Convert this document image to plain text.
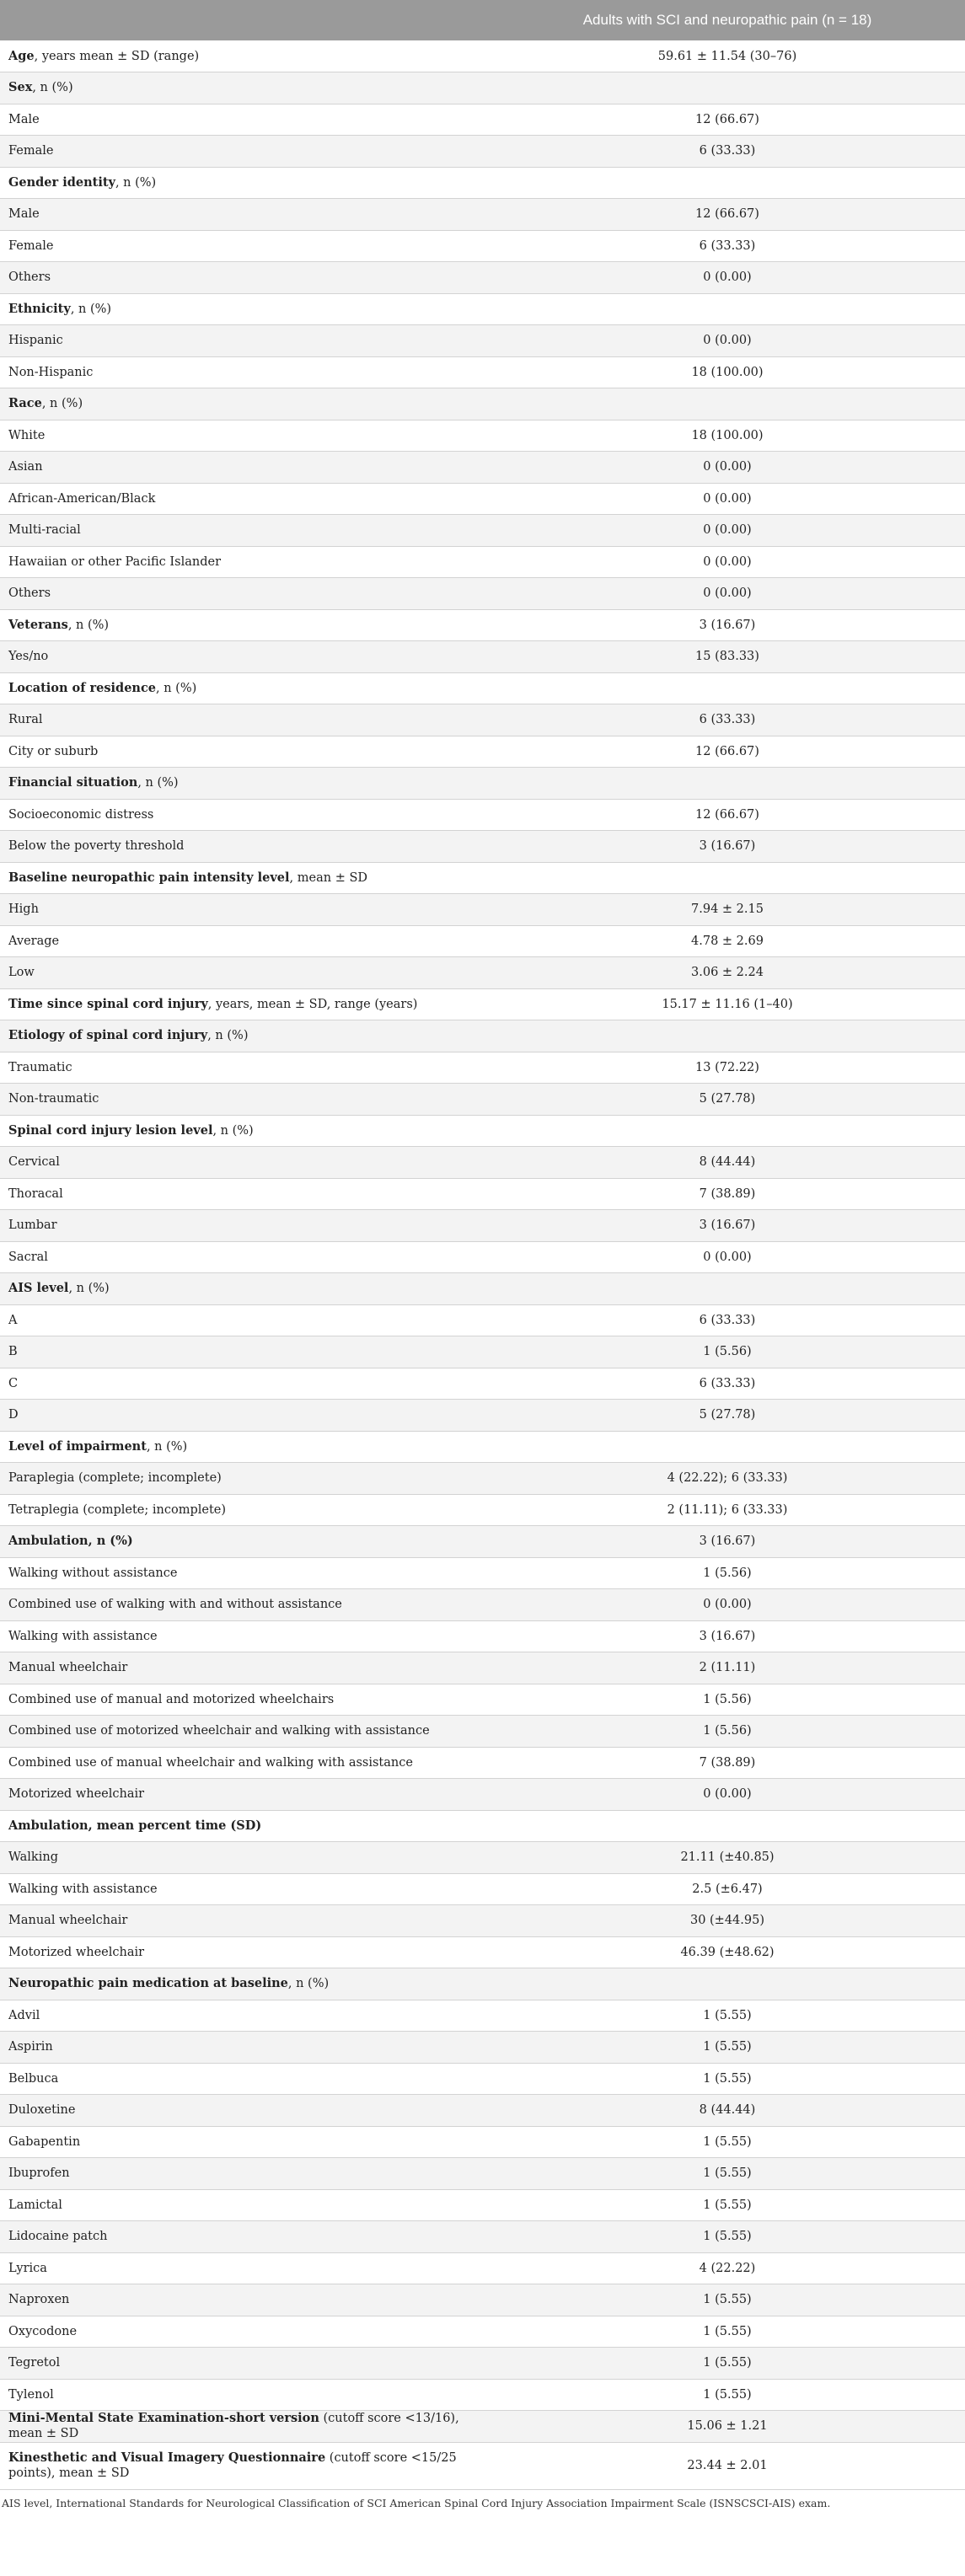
	Adults with SCI and neuropathic pain (n = 18)
Age, years mean ± SD (range)	59.61 ± 11.54 (30–76)
Sex, n (%)	
Male	12 (66.67)
Female	6 (33.33)
Gender identity, n (%)	
Male	12 (66.67)
Female	6 (33.33)
Others	0 (0.00)
Ethnicity, n (%)	
Hispanic	0 (0.00)
Non-Hispanic	18 (100.00)
Race, n (%)	
White	18 (100.00)
Asian	0 (0.00)
African-American/Black	0 (0.00)
Multi-racial	0 (0.00)
Hawaiian or other Pacific Islander	0 (0.00)
Others	0 (0.00)
Veterans, n (%)	3 (16.67)
Yes/no	15 (83.33)
Location of residence, n (%)	
Rural	6 (33.33)
City or suburb	12 (66.67)
Financial situation, n (%)	
Socioeconomic distress	12 (66.67)
Below the poverty threshold	3 (16.67)
Baseline neuropathic pain intensity level, mean ± SD	
High	7.94 ± 2.15
Average	4.78 ± 2.69
Low	3.06 ± 2.24
Time since spinal cord injury, years, mean ± SD, range (years)	15.17 ± 11.16 (1–40)
Etiology of spinal cord injury, n (%)	
Traumatic	13 (72.22)
Non-traumatic	5 (27.78)
Spinal cord injury lesion level, n (%)	
Cervical	8 (44.44)
Thoracal	7 (38.89)
Lumbar	3 (16.67)
Sacral	0 (0.00)
AIS level, n (%)	
A	6 (33.33)
B	1 (5.56)
C	6 (33.33)
D	5 (27.78)
Level of impairment, n (%)	
Paraplegia (complete; incomplete)	4 (22.22); 6 (33.33)
Tetraplegia (complete; incomplete)	2 (11.11); 6 (33.33)
Ambulation, n (%)	3 (16.67)
Walking without assistance	1 (5.56)
Combined use of walking with and without assistance	0 (0.00)
Walking with assistance	3 (16.67)
Manual wheelchair	2 (11.11)
Combined use of manual and motorized wheelchairs	1 (5.56)
Combined use of motorized wheelchair and walking with assistance	1 (5.56)
Combined use of manual wheelchair and walking with assistance	7 (38.89)
Motorized wheelchair	0 (0.00)
Ambulation, mean percent time (SD)	
Walking	21.11 (±40.85)
Walking with assistance	2.5 (±6.47)
Manual wheelchair	30 (±44.95)
Motorized wheelchair	46.39 (±48.62)
Neuropathic pain medication at baseline, n (%)	
Advil	1 (5.55)
Aspirin	1 (5.55)
Belbuca	1 (5.55)
Duloxetine	8 (44.44)
Gabapentin	1 (5.55)
Ibuprofen	1 (5.55)
Lamictal	1 (5.55)
Lidocaine patch	1 (5.55)
Lyrica	4 (22.22)
Naproxen	1 (5.55)
Oxycodone	1 (5.55)
Tegretol	1 (5.55)
Tylenol	1 (5.55)
Mini-Mental State Examination-short version (cutoff score <13/16), mean ± SD	15.06 ± 1.21
Kinesthetic and Visual Imagery Questionnaire (cutoff score <15/25 points), mean ± SD	23.44 ± 2.01
AIS level, International Standards for Neurological Classification of SCI American Spinal Cord Injury Association Impairment Scale (ISNSCSCI-AIS) exam.
